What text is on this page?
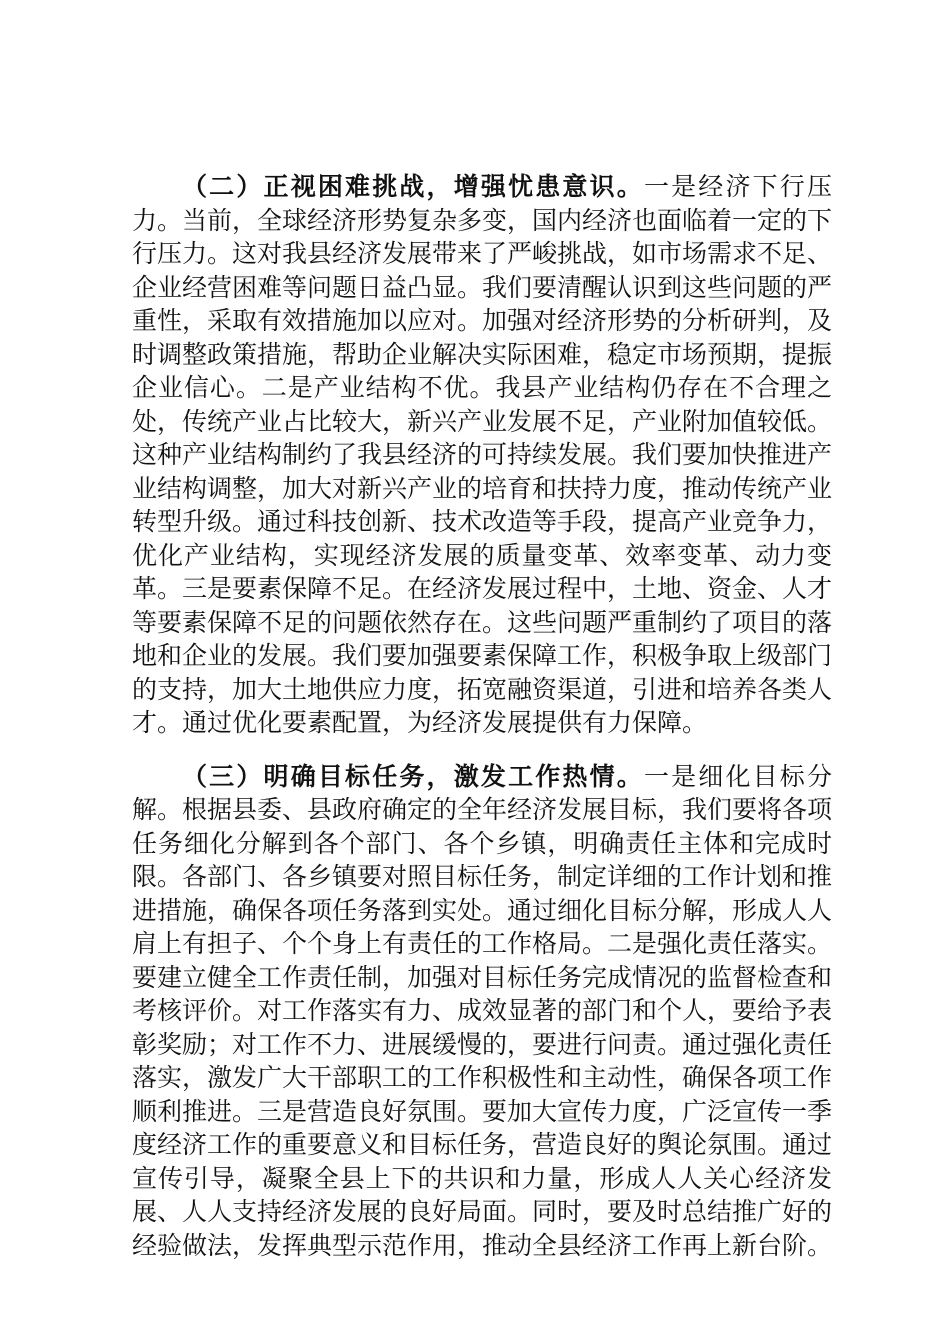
（二）正视困难挑战，增强忧患意识。一是经济下行压力。当前，全球经济形势复杂多变，国内经济也面临着一定的下行压力。这对我县经济发展带来了严峻挑战，如市场需求不足、企业经营困难等问题日益凸显。我们要清醒认识到这些问题的严重性，采取有效措施加以应对。加强对经济形势的分析研判，及时调整政策措施，帮助企业解决实际困难，稳定市场预期，提振企业信心。二是产业结构不优。我县产业结构仍存在不合理之处，传统产业占比较大，新兴产业发展不足，产业附加值较低。这种产业结构制约了我县经济的可持续发展。我们要加快推进产业结构调整，加大对新兴产业的培育和扶持力度，推动传统产业转型升级。通过科技创新、技术改造等手段，提高产业竞争力，优化产业结构，实现经济发展的质量变革、效率变革、动力变革。三是要素保障不足。在经济发展过程中，土地、资金、人才等要素保障不足的问题依然存在。这些问题严重制约了项目的落地和企业的发展。我们要加强要素保障工作，积极争取上级部门的支持，加大土地供应力度，拓宽融资渠道，引进和培养各类人才。通过优化要素配置，为经济发展提供有力保障。

（三）明确目标任务，激发工作热情。一是细化目标分解。根据县委、县政府确定的全年经济发展目标，我们要将各项任务细化分解到各个部门、各个乡镇，明确责任主体和完成时限。各部门、各乡镇要对照目标任务，制定详细的工作计划和推进措施，确保各项任务落到实处。通过细化目标分解，形成人人肩上有担子、个个身上有责任的工作格局。二是强化责任落实。要建立健全工作责任制，加强对目标任务完成情况的监督检查和考核评价。对工作落实有力、成效显著的部门和个人，要给予表彰奖励；对工作不力、进展缓慢的，要进行问责。通过强化责任落实，激发广大干部职工的工作积极性和主动性，确保各项工作顺利推进。三是营造良好氛围。要加大宣传力度，广泛宣传一季度经济工作的重要意义和目标任务，营造良好的舆论氛围。通过宣传引导，凝聚全县上下的共识和力量，形成人人关心经济发展、人人支持经济发展的良好局面。同时，要及时总结推广好的经验做法，发挥典型示范作用，推动全县经济工作再上新台阶。
